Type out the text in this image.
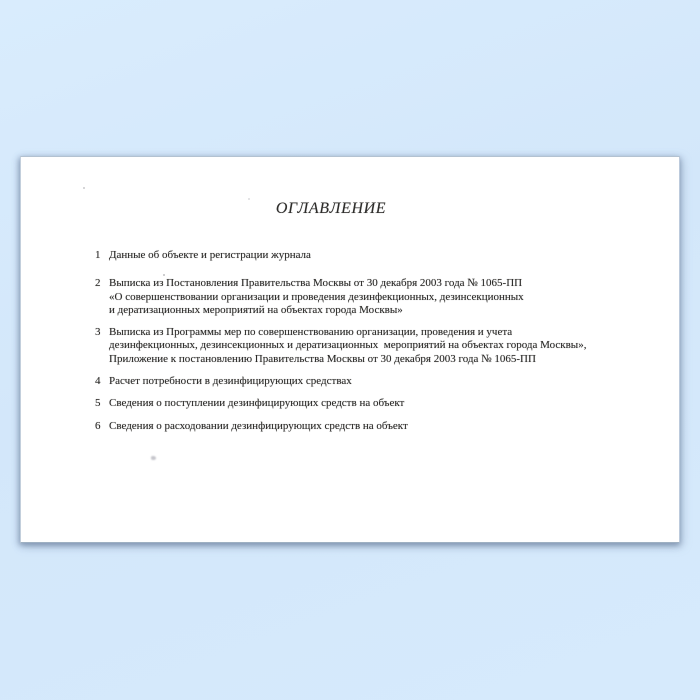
ОГЛАВЛЕНИЕ
1 Данные об объекте и регистрации журнала
2 Выписка из Постановления Правительства Москвы от 30 декабря 2003 года № 1065-ПП
«О совершенствовании организации и проведения дезинфекционных, дезинсекционных
и дератизационных мероприятий на объектах города Москвы»
3 Выписка из Программы мер по совершенствованию организации, проведения и учета
дезинфекционных, дезинсекционных и дератизационных  мероприятий на объектах города Москвы»,
Приложение к постановлению Правительства Москвы от 30 декабря 2003 года № 1065-ПП
4 Расчет потребности в дезинфицирующих средствах
5 Сведения о поступлении дезинфицирующих средств на объект
6 Сведения о расходовании дезинфицирующих средств на объект
